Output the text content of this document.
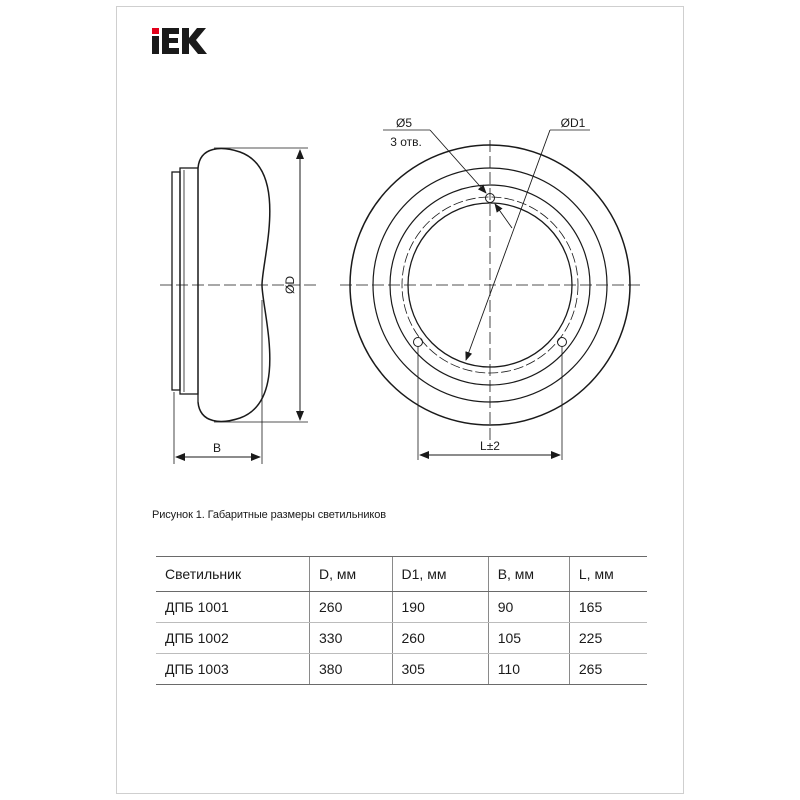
ØD
B
Ø5
3 отв.
ØD1
L±2
Рисунок 1. Габаритные размеры светильников
Светильник	D, мм	D1, мм	B, мм	L, мм
ДПБ 1001	260	190	90	165
ДПБ 1002	330	260	105	225
ДПБ 1003	380	305	110	265
